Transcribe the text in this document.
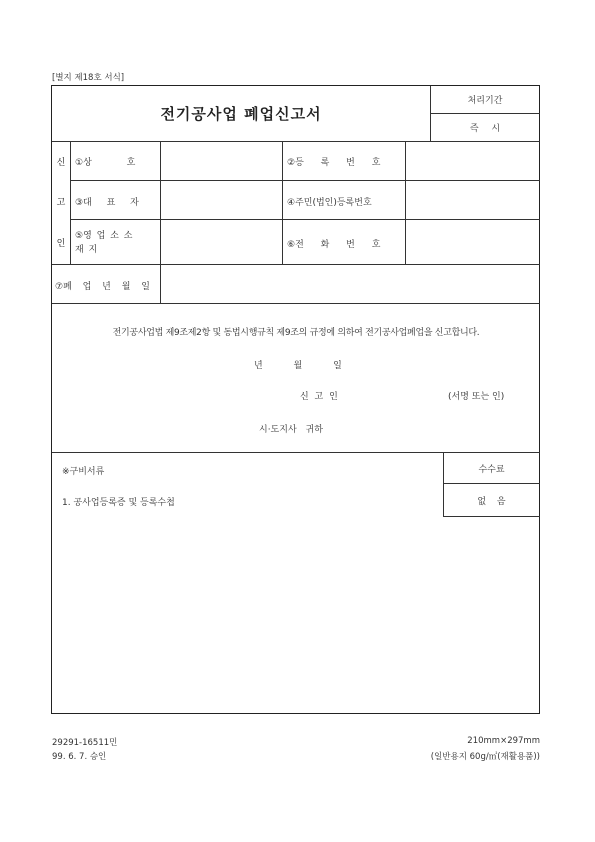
[별지 제18호 서식]
전기공사업 폐업신고서
처리기간
즉 시
신
고
인
①상 호	②등 록 번 호
③대 표 자	④주민(법인)등록번호
⑤영 업 소 소 재 지	⑥전 화 번 호
⑦폐 업 년 월 일
전기공사업법 제9조제2항 및 동법시행규칙 제9조의 규정에 의하여 전기공사업폐업을 신고합니다.
년 월 일
신 고 인	(서명 또는 인)
시·도지사 귀하
※구비서류
1. 공사업등록증 및 등록수첩
수수료
없 음
29291-16511민
99. 6. 7. 승인
210mm×297mm
(일반용지 60g/㎡(재활용품))
